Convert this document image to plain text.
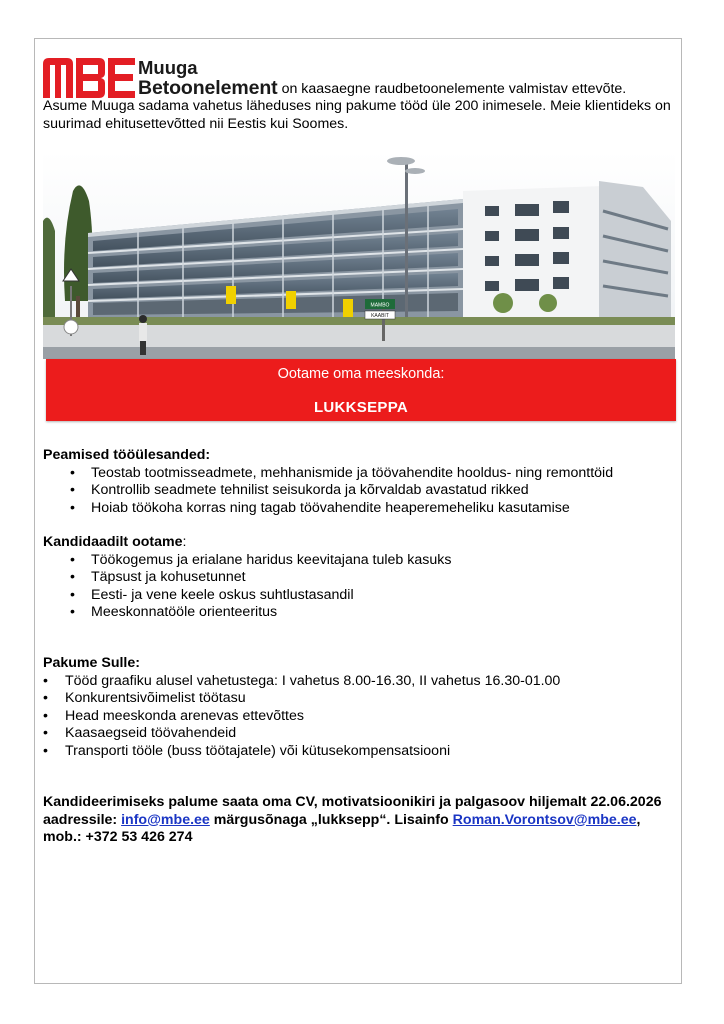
Muuga
Betoonelement on kaasaegne raudbetoonelemente valmistav ettevõte.

Asume Muuga sadama vahetus läheduses ning pakume tööd üle 200 inimesele. Meie klientideks on suurimad ehitusettevõtted nii Eestis kui Soomes.

MAMBO
KAABIT
Ootame oma meeskonda:
LUKKSEPPA
Peamised tööülesanded:
• Teostab tootmisseadmete, mehhanismide ja töövahendite hooldus- ning remonttöid
• Kontrollib seadmete tehnilist seisukorda ja kõrvaldab avastatud rikked
• Hoiab töökoha korras ning tagab töövahendite heaperemeheliku kasutamise
Kandidaadilt ootame:
• Töökogemus ja erialane haridus keevitajana tuleb kasuks
• Täpsust ja kohusetunnet
• Eesti- ja vene keele oskus suhtlustasandil
• Meeskonnatööle orienteeritus
Pakume Sulle:
• Tööd graafiku alusel vahetustega: I vahetus 8.00-16.30, II vahetus 16.30-01.00
• Konkurentsivõimelist töötasu
• Head meeskonda arenevas ettevõttes
• Kaasaegseid töövahendeid
• Transporti tööle (buss töötajatele) või kütusekompensatsiooni
Kandideerimiseks palume saata oma CV, motivatsioonikiri ja palgasoov hiljemalt 22.06.2026 aadressile: info@mbe.ee märgusõnaga „lukksepp“. Lisainfo Roman.Vorontsov@mbe.ee, mob.: +372 53 426 274
